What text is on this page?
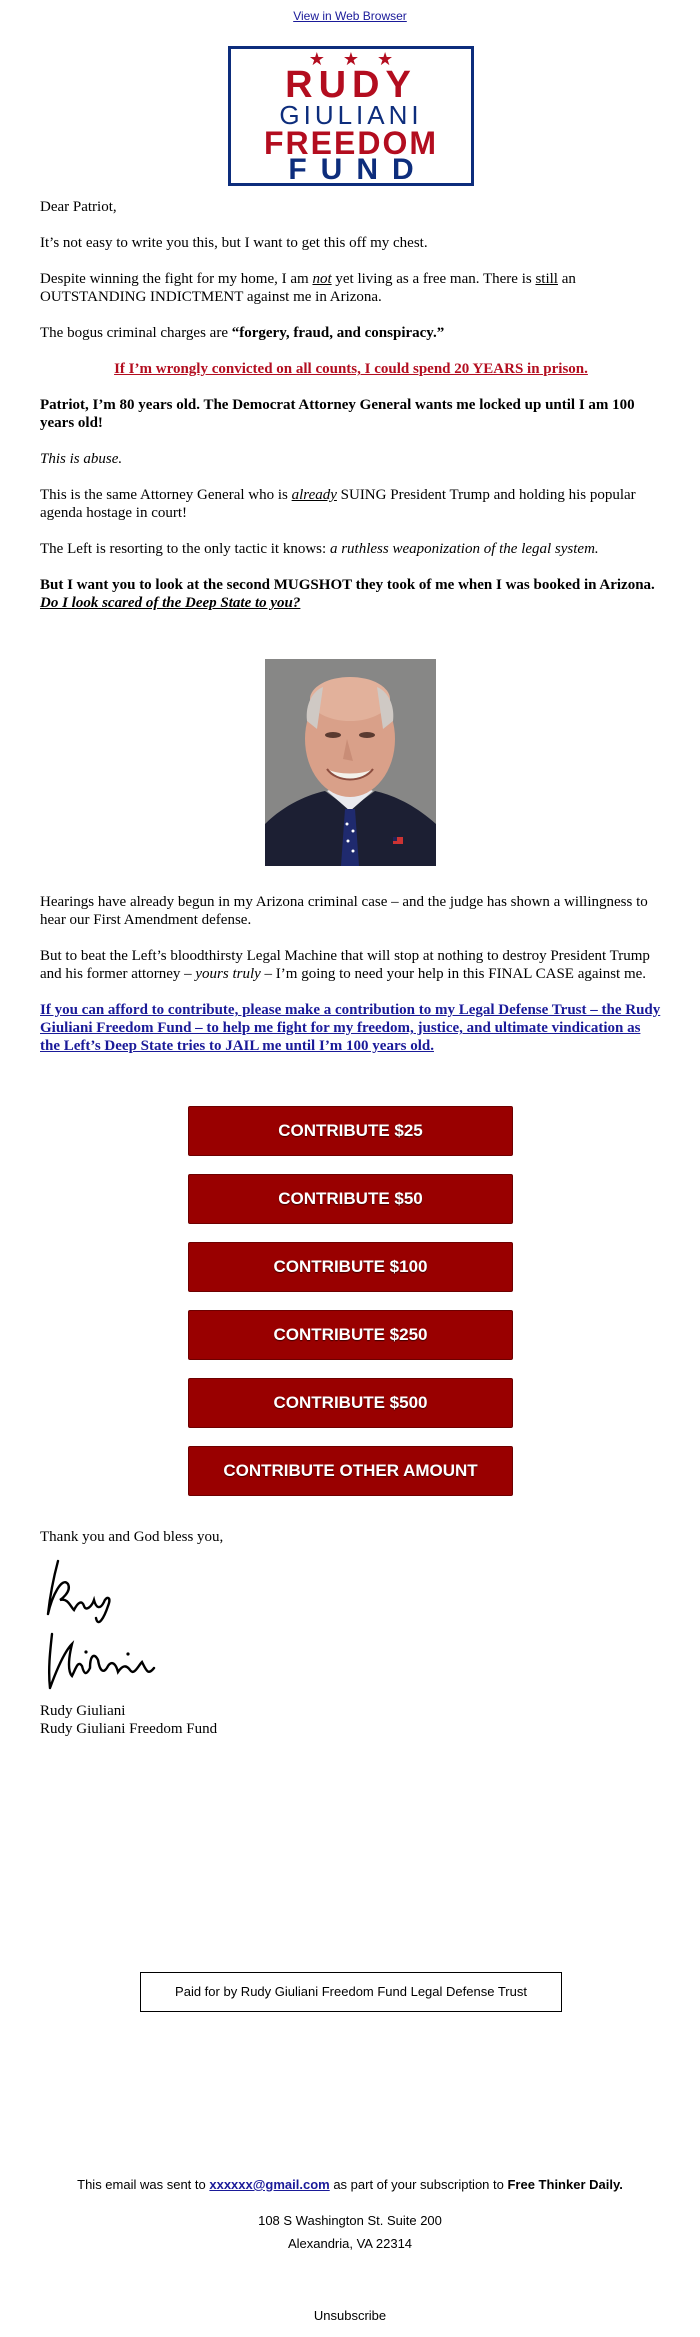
View in Web Browser
★★★
RUDY
GIULIANI
FREEDOM
FUND

Dear Patriot,

It’s not easy to write you this, but I want to get this off my chest.

Despite winning the fight for my home, I am not yet living as a free man. There is still an OUTSTANDING INDICTMENT against me in Arizona.

The bogus criminal charges are “forgery, fraud, and conspiracy.”

If I’m wrongly convicted on all counts, I could spend 20 YEARS in prison.

Patriot, I’m 80 years old. The Democrat Attorney General wants me locked up until I am 100 years old!

This is abuse.

This is the same Attorney General who is already SUING President Trump and holding his popular agenda hostage in court!

The Left is resorting to the only tactic it knows: a ruthless weaponization of the legal system.

But I want you to look at the second MUGSHOT they took of me when I was booked in Arizona. Do I look scared of the Deep State to you?

Hearings have already begun in my Arizona criminal case – and the judge has shown a willingness to hear our First Amendment defense.

But to beat the Left’s bloodthirsty Legal Machine that will stop at nothing to destroy President Trump and his former attorney – yours truly – I’m going to need your help in this FINAL CASE against me.

If you can afford to contribute, please make a contribution to my Legal Defense Trust – the Rudy Giuliani Freedom Fund – to help me fight for my freedom, justice, and ultimate vindication as the Left’s Deep State tries to JAIL me until I’m 100 years old.

CONTRIBUTE $25
CONTRIBUTE $50
CONTRIBUTE $100
CONTRIBUTE $250
CONTRIBUTE $500
CONTRIBUTE OTHER AMOUNT
Thank you and God bless you,
Rudy Giuliani
Rudy Giuliani Freedom Fund
Paid for by Rudy Giuliani Freedom Fund Legal Defense Trust
This email was sent to xxxxxx@gmail.com as part of your subscription to Free Thinker Daily.
108 S Washington St. Suite 200
Alexandria, VA 22314
Unsubscribe
